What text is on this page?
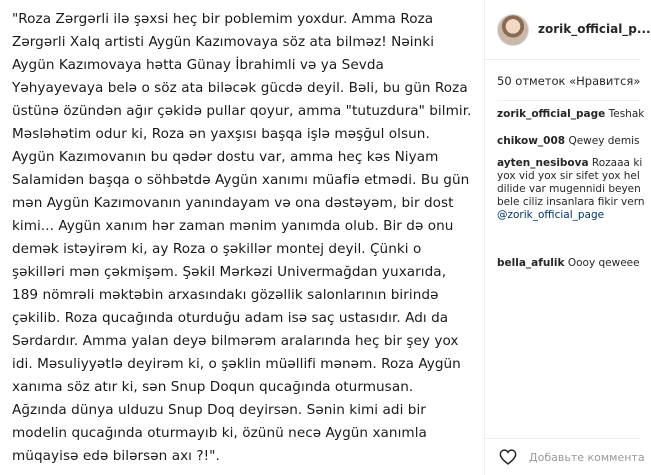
"Roza Zərgərli ilə şəxsi heç bir poblemim yoxdur. Amma Roza
Zərgərli Xalq artisti Aygün Kazımovaya söz ata bilməz! Nəinki
Aygün Kazımovaya hətta Günay İbrahimli və ya Sevda
Yəhyayevaya belə o söz ata biləcək gücdə deyil. Bəli, bu gün Roza
üstünə özündən ağır çəkidə pullar qoyur, amma "tutuzdura" bilmir.
Məsləhətim odur ki, Roza ən yaxşısı başqa işlə məşğul olsun.
Aygün Kazımovanın bu qədər dostu var, amma heç kəs Niyam
Salamidən başqa o söhbətdə Aygün xanımı müafiə etmədi. Bu gün
mən Aygün Kazımovanın yanındayam və ona dəstəyəm, bir dost
kimi... Aygün xanım hər zaman mənim yanımda olub. Bir də onu
demək istəyirəm ki, ay Roza o şəkillər montej deyil. Çünki o
şəkilləri mən çəkmişəm. Şəkil Mərkəzi Univermağdan yuxarıda,
189 nömrəli məktəbin arxasındakı gözəllik salonlarının birində
çəkilib. Roza qucağında oturduğu adam isə saç ustasıdır. Adı da
Sərdardır. Amma yalan deyə bilmərəm aralarında heç bir şey yox
idi. Məsuliyyətlə deyirəm ki, o şəklin müəllifi mənəm. Roza Aygün
xanıma söz atır ki, sən Snup Doqun qucağında oturmusan.
Ağzında dünya ulduzu Snup Doq deyirsən. Sənin kimi adi bir
modelin qucağında oturmayıb ki, özünü necə Aygün xanımla
müqayisə edə bilərsən axı ?!".
zorik_official_p...
50 отметок «Нравится»
zorik_official_page Teshak
chikow_008 Qewey demis
ayten_nesibova Rozaaa ki
yox vid yox sir sifet yox hel
dilide var mugennidi beyen
bele ciliz insanlara fikir vern
@zorik_official_page
bella_afulik Oooy qeweee
Добавьте коммента
